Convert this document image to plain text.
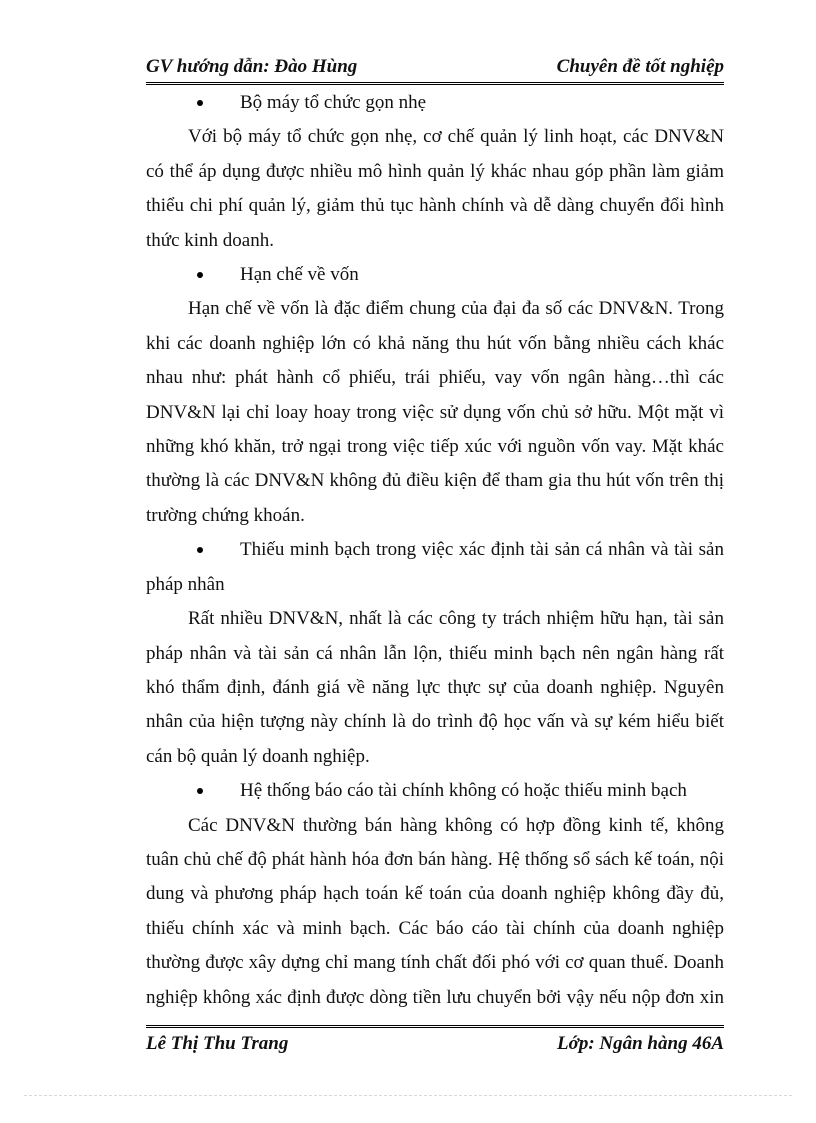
GV hướng dẫn: Đào Hùng	Chuyên đề tốt nghiệp
Bộ máy tổ chức gọn nhẹ

Với bộ máy tổ chức gọn nhẹ, cơ chế quản lý linh hoạt, các DNV&N có thể áp dụng được nhiều mô hình quản lý khác nhau góp phần làm giảm thiểu chi phí quản lý, giảm thủ tục hành chính và dễ dàng chuyển đổi hình thức kinh doanh.

Hạn chế về vốn

Hạn chế về vốn là đặc điểm chung của đại đa số các DNV&N. Trong khi các doanh nghiệp lớn có khả năng thu hút vốn bằng nhiều cách khác nhau như: phát hành cổ phiếu, trái phiếu, vay vốn ngân hàng…thì các DNV&N lại chỉ loay hoay trong việc sử dụng vốn chủ sở hữu. Một mặt vì những khó khăn, trở ngại trong việc tiếp xúc với nguồn vốn vay. Mặt khác thường là các DNV&N không đủ điều kiện để tham gia thu hút vốn trên thị trường chứng khoán.

Thiếu minh bạch trong việc xác định tài sản cá nhân và tài sản pháp nhân

Rất nhiều DNV&N, nhất là các công ty trách nhiệm hữu hạn, tài sản pháp nhân và tài sản cá nhân lẫn lộn, thiếu minh bạch nên ngân hàng rất khó thẩm định, đánh giá về năng lực thực sự của doanh nghiệp. Nguyên nhân của hiện tượng này chính là do trình độ học vấn và sự kém hiểu biết cán bộ quản lý doanh nghiệp.

Hệ thống báo cáo tài chính không có hoặc thiếu minh bạch

Các DNV&N thường bán hàng không có hợp đồng kinh tế, không tuân chủ chế độ phát hành hóa đơn bán hàng. Hệ thống sổ sách kế toán, nội dung và phương pháp hạch toán kế toán của doanh nghiệp không đầy đủ, thiếu chính xác và minh bạch. Các báo cáo tài chính của doanh nghiệp thường được xây dựng chỉ mang tính chất đối phó với cơ quan thuế. Doanh nghiệp không xác định được dòng tiền lưu chuyển bởi vậy nếu nộp đơn xin

Lê Thị Thu Trang	Lớp: Ngân hàng 46A
